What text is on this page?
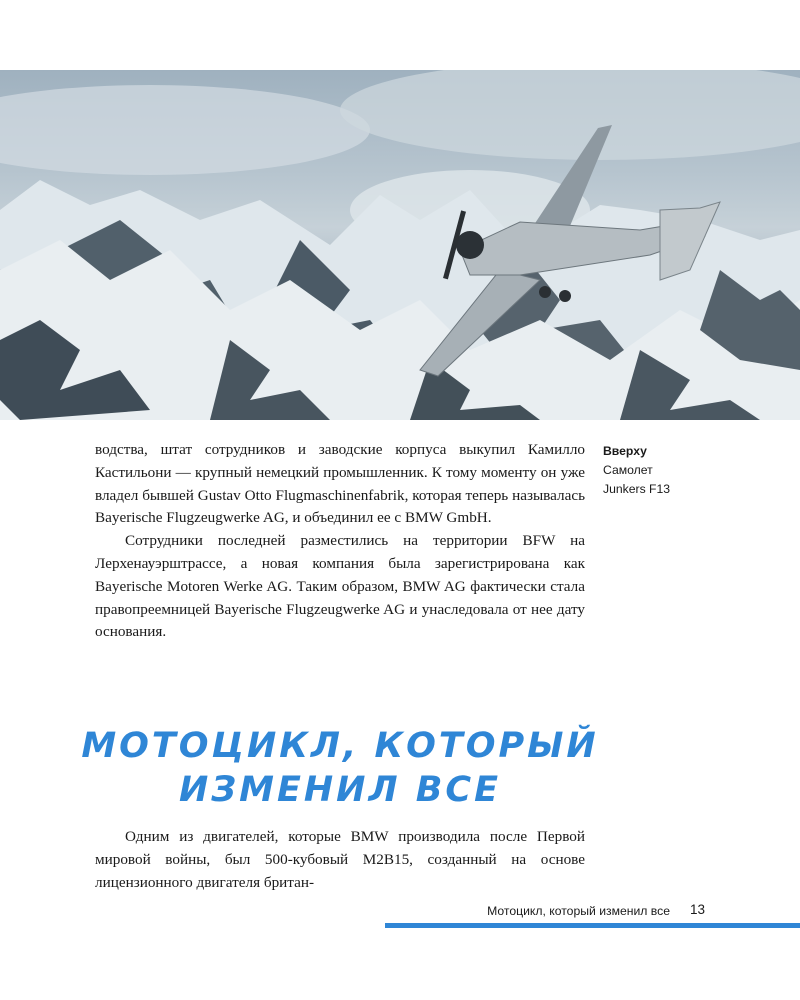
водства, штат сотрудников и заводские корпуса выкупил Камилло Кастильони — крупный немецкий промышленник. К тому моменту он уже владел бывшей Gustav Otto Flugmaschinenfabrik, которая теперь называлась Bayerische Flugzeugwerke AG, и объединил ее с BMW GmbH.

Сотрудники последней разместились на территории BFW на Лерхенауэрштрассе, а новая компания была зарегистрирована как Bayerische Motoren Werke AG. Таким образом, BMW AG фактически стала правопреемницей Bayerische Flugzeugwerke AG и унаследовала от нее дату основания.

Вверху
Самолет
Junkers F13
МОТОЦИКЛ, КОТОРЫЙ
ИЗМЕНИЛ ВСЕ

Одним из двигателей, которые BMW производила после Первой мировой войны, был 500-кубовый M2B15, созданный на основе лицензионного двигателя британ-

Мотоцикл, который изменил все 13
